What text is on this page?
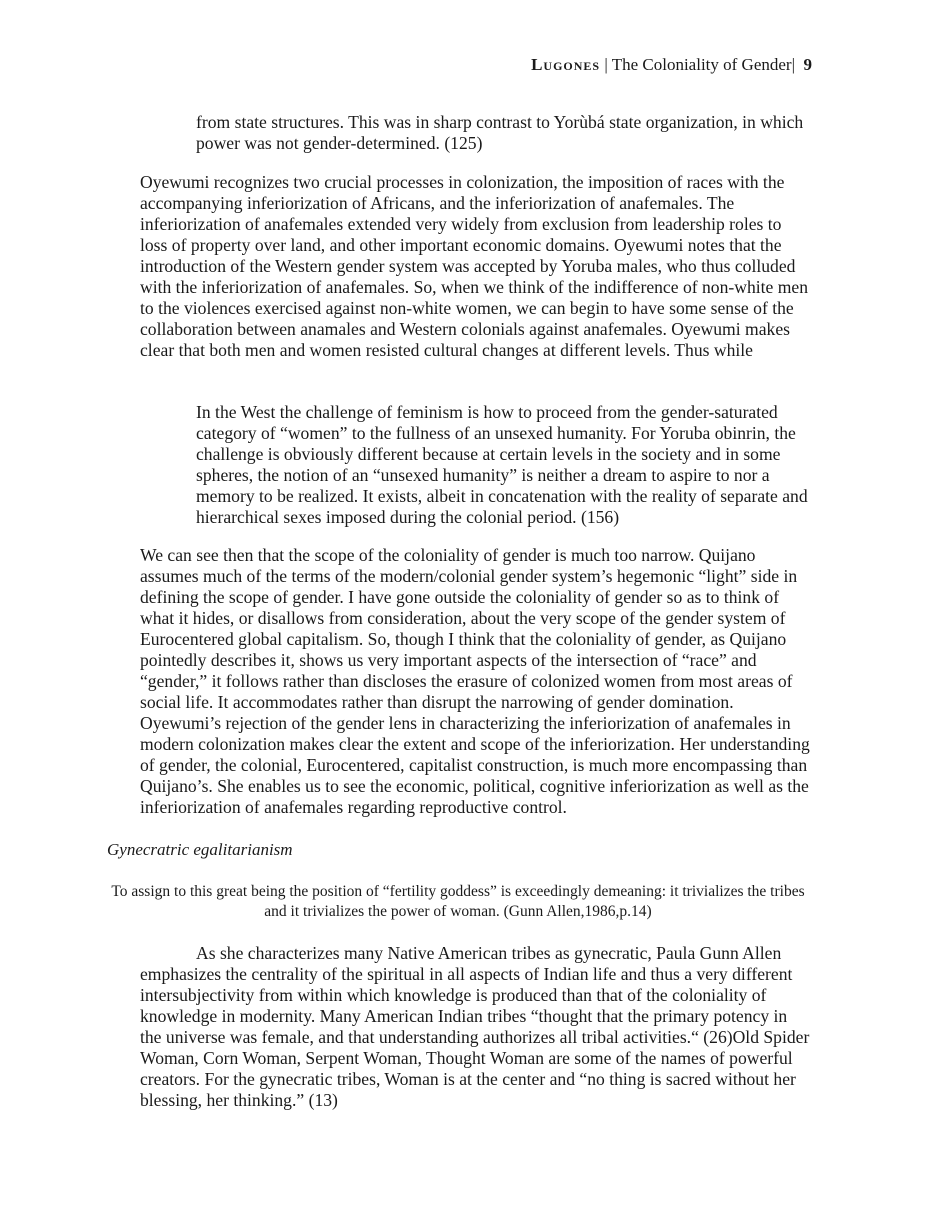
Lugones | The Coloniality of Gender| 9

from state structures. This was in sharp contrast to Yorùbá state organization, in which power was not gender-determined. (125)

Oyewumi recognizes two crucial processes in colonization, the imposition of races with the accompanying inferiorization of Africans, and the inferiorization of anafemales. The inferiorization of anafemales extended very widely from exclusion from leadership roles to loss of property over land, and other important economic domains. Oyewumi notes that the introduction of the Western gender system was accepted by Yoruba males, who thus colluded with the inferiorization of anafemales. So, when we think of the indifference of non-white men to the violences exercised against non-white women, we can begin to have some sense of the collaboration between anamales and Western colonials against anafemales. Oyewumi makes clear that both men and women resisted cultural changes at different levels. Thus while

In the West the challenge of feminism is how to proceed from the gender-saturated category of “women” to the fullness of an unsexed humanity. For Yoruba obinrin, the challenge is obviously different because at certain levels in the society and in some spheres, the notion of an “unsexed humanity” is neither a dream to aspire to nor a memory to be realized. It exists, albeit in concatenation with the reality of separate and hierarchical sexes imposed during the colonial period. (156)

We can see then that the scope of the coloniality of gender is much too narrow. Quijano assumes much of the terms of the modern/colonial gender system’s hegemonic “light” side in defining the scope of gender. I have gone outside the coloniality of gender so as to think of what it hides, or disallows from consideration, about the very scope of the gender system of Eurocentered global capitalism. So, though I think that the coloniality of gender, as Quijano pointedly describes it, shows us very important aspects of the intersection of “race” and “gender,” it follows rather than discloses the erasure of colonized women from most areas of social life. It accommodates rather than disrupt the narrowing of gender domination. Oyewumi’s rejection of the gender lens in characterizing the inferiorization of anafemales in modern colonization makes clear the extent and scope of the inferiorization. Her understanding of gender, the colonial, Eurocentered, capitalist construction, is much more encompassing than Quijano’s. She enables us to see the economic, political, cognitive inferiorization as well as the inferiorization of anafemales regarding reproductive control.

Gynecratric egalitarianism

To assign to this great being the position of “fertility goddess” is exceedingly demeaning: it trivializes the tribes and it trivializes the power of woman. (Gunn Allen,1986,p.14)

As she characterizes many Native American tribes as gynecratic, Paula Gunn Allen emphasizes the centrality of the spiritual in all aspects of Indian life and thus a very different intersubjectivity from within which knowledge is produced than that of the coloniality of knowledge in modernity. Many American Indian tribes “thought that the primary potency in the universe was female, and that understanding authorizes all tribal activities.“ (26)Old Spider Woman, Corn Woman, Serpent Woman, Thought Woman are some of the names of powerful creators. For the gynecratic tribes, Woman is at the center and “no thing is sacred without her blessing, her thinking.” (13)
